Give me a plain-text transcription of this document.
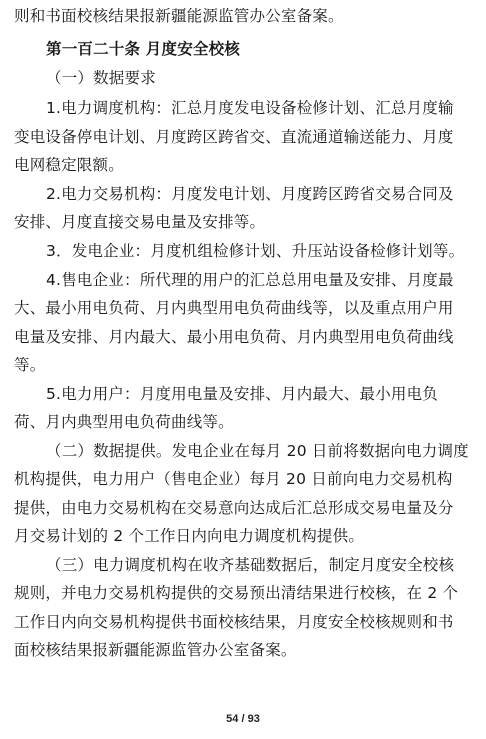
则和书面校核结果报新疆能源监管办公室备案。
第一百二十条 月度安全校核
（一）数据要求
1.电力调度机构：汇总月度发电设备检修计划、汇总月度输
变电设备停电计划、月度跨区跨省交、直流通道输送能力、月度
电网稳定限额。
2.电力交易机构：月度发电计划、月度跨区跨省交易合同及
安排、月度直接交易电量及安排等。
3．发电企业：月度机组检修计划、升压站设备检修计划等。
4.售电企业：所代理的用户的汇总总用电量及安排、月度最
大、最小用电负荷、月内典型用电负荷曲线等，以及重点用户用
电量及安排、月内最大、最小用电负荷、月内典型用电负荷曲线
等。
5.电力用户：月度用电量及安排、月内最大、最小用电负
荷、月内典型用电负荷曲线等。
（二）数据提供。发电企业在每月 20 日前将数据向电力调度
机构提供，电力用户（售电企业）每月 20 日前向电力交易机构
提供，由电力交易机构在交易意向达成后汇总形成交易电量及分
月交易计划的 2 个工作日内向电力调度机构提供。
（三）电力调度机构在收齐基础数据后，制定月度安全校核
规则，并电力交易机构提供的交易预出清结果进行校核，在 2 个
工作日内向交易机构提供书面校核结果，月度安全校核规则和书
面校核结果报新疆能源监管办公室备案。
54 / 93
